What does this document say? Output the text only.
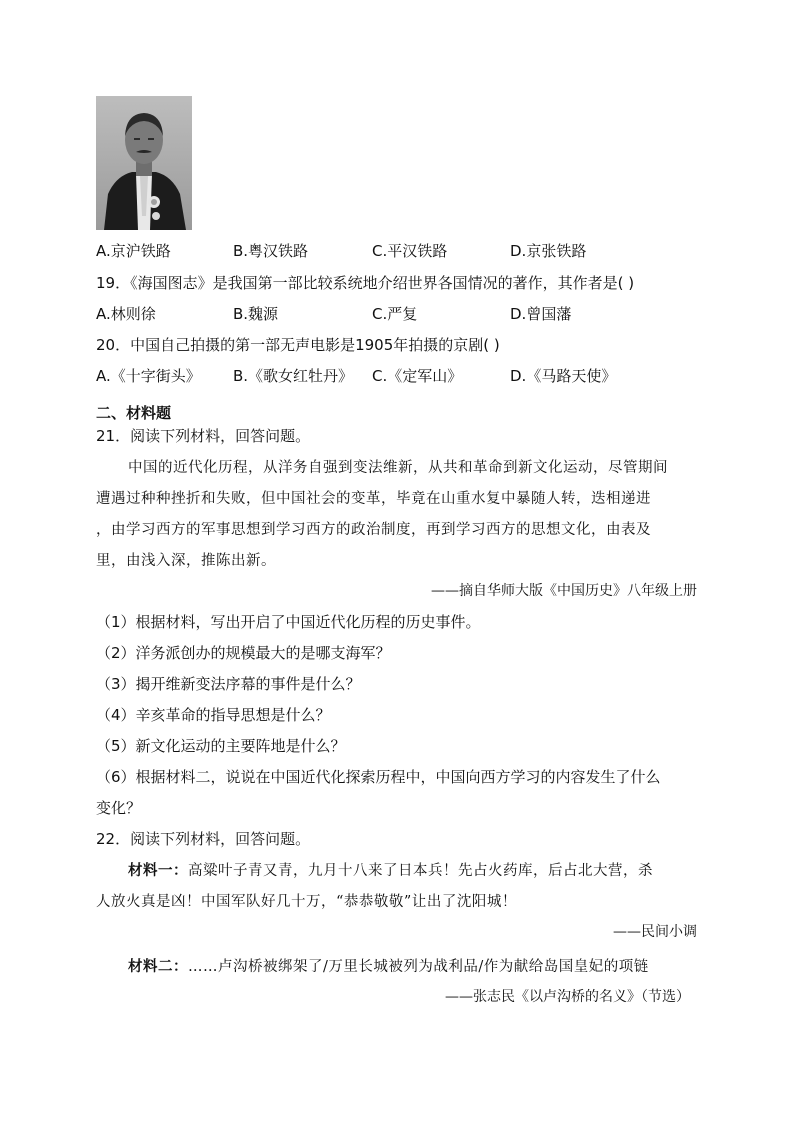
A.京沪铁路	B.粤汉铁路	C.平汉铁路	D.京张铁路
19．《海国图志》是我国第一部比较系统地介绍世界各国情况的著作，其作者是( )
A.林则徐	B.魏源	C.严复	D.曾国藩
20．中国自己拍摄的第一部无声电影是1905年拍摄的京剧( )
A.《十字街头》 B.《歌女红牡丹》 C.《定军山》	D.《马路天使》
二、材料题
21．阅读下列材料，回答问题。
中国的近代化历程，从洋务自强到变法维新，从共和革命到新文化运动，尽管期间
遭遇过种种挫折和失败，但中国社会的变革，毕竟在山重水复中暴随人转，迭相递进
，由学习西方的军事思想到学习西方的政治制度，再到学习西方的思想文化，由表及
里，由浅入深，推陈出新。
——摘自华师大版《中国历史》八年级上册
（1）根据材料，写出开启了中国近代化历程的历史事件。
（2）洋务派创办的规模最大的是哪支海军？
（3）揭开维新变法序幕的事件是什么？
（4）辛亥革命的指导思想是什么？
（5）新文化运动的主要阵地是什么？
（6）根据材料二，说说在中国近代化探索历程中，中国向西方学习的内容发生了什么
变化？
22．阅读下列材料，回答问题。
材料一：高粱叶子青又青，九月十八来了日本兵！先占火药库，后占北大营，杀
人放火真是凶！中国军队好几十万，“恭恭敬敬”让出了沈阳城！
——民间小调
材料二：……卢沟桥被绑架了/万里长城被列为战利品/作为献给岛国皇妃的项链
——张志民《以卢沟桥的名义》（节选）
